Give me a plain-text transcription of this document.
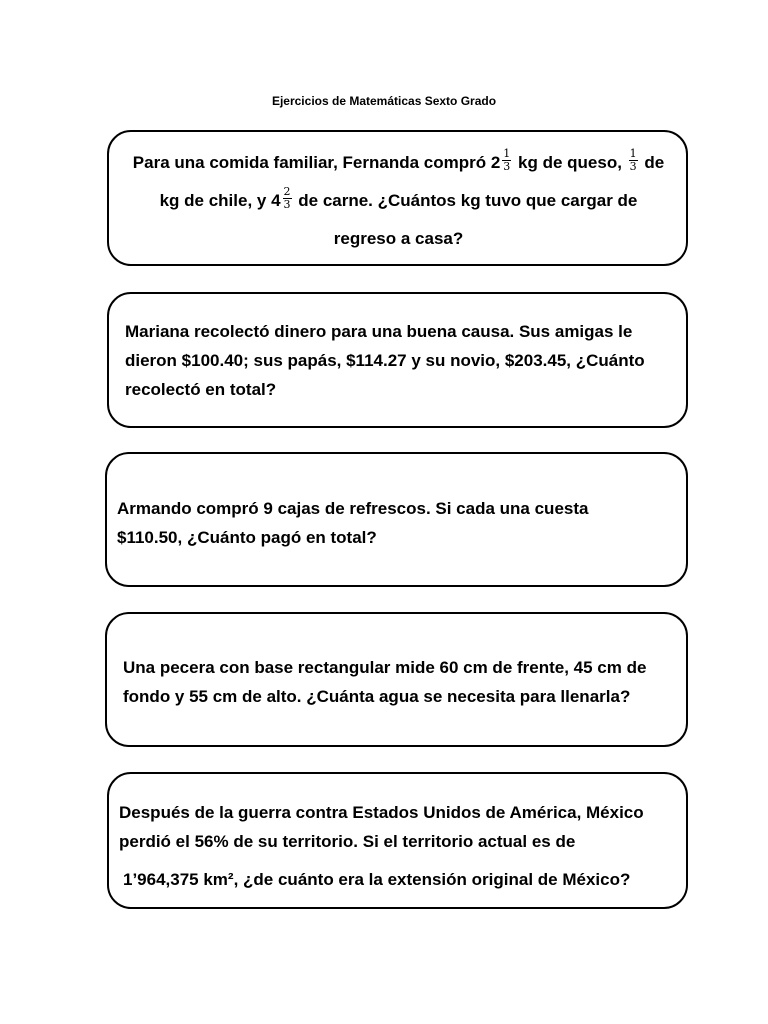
Ejercicios de Matemáticas Sexto Grado

Para una comida familiar, Fernanda compró $2 \frac{1}{3}$ kg de queso, $\frac{1}{3}$ de

kg de chile, y $4 \frac{2}{3}$ de carne. ¿Cuántos kg tuvo que cargar de

regreso a casa?

Mariana recolectó dinero para una buena causa. Sus amigas le

dieron $100.40; sus papás, $114.27 y su novio, $203.45, ¿Cuánto

recolectó en total?

Armando compró 9 cajas de refrescos. Si cada una cuesta

$110.50, ¿Cuánto pagó en total?

Una pecera con base rectangular mide 60 cm de frente, 45 cm de

fondo y 55 cm de alto. ¿Cuánta agua se necesita para llenarla?

Después de la guerra contra Estados Unidos de América, México

perdió el 56% de su territorio. Si el territorio actual es de

1’964,375 km², ¿de cuánto era la extensión original de México?
